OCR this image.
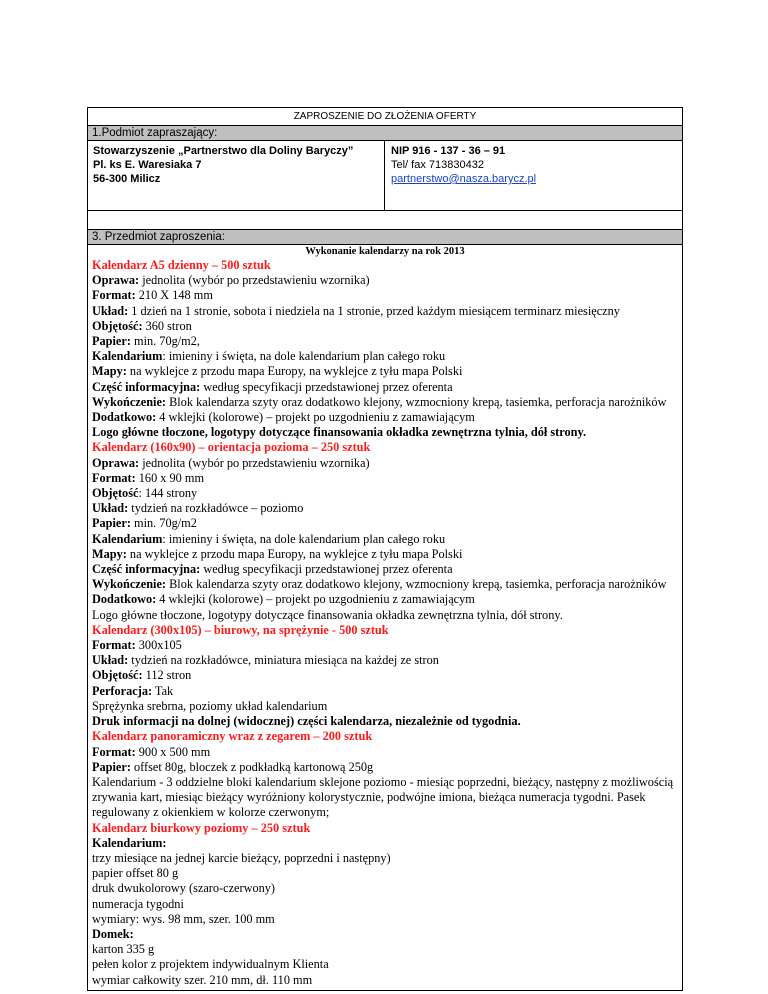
ZAPROSZENIE DO ZŁOŻENIA OFERTY
1.Podmiot zapraszający:
Stowarzyszenie „Partnerstwo dla Doliny Baryczy”
Pl. ks E. Waresiaka 7
56-300 Milicz
NIP 916 - 137 - 36 – 91
Tel/ fax 713830432
partnerstwo@nasza.barycz.pl
3. Przedmiot zaproszenia:
Wykonanie kalendarzy na rok 2013

Kalendarz A5 dzienny – 500 sztuk

Oprawa: jednolita (wybór po przedstawieniu wzornika)

Format: 210 X 148 mm

Układ: 1 dzień na 1 stronie, sobota i niedziela na 1 stronie, przed każdym miesiącem terminarz miesięczny

Objętość: 360 stron

Papier: min. 70g/m2,

Kalendarium: imieniny i święta, na dole kalendarium plan całego roku

Mapy: na wyklejce z przodu mapa Europy, na wyklejce z tyłu mapa Polski

Część informacyjna: według specyfikacji przedstawionej przez oferenta

Wykończenie: Blok kalendarza szyty oraz dodatkowo klejony, wzmocniony krepą, tasiemka, perforacja narożników

Dodatkowo: 4 wklejki (kolorowe) – projekt po uzgodnieniu z zamawiającym

Logo główne tłoczone, logotypy dotyczące finansowania okładka zewnętrzna tylnia, dół strony.

Kalendarz (160x90) – orientacja pozioma – 250 sztuk

Oprawa: jednolita (wybór po przedstawieniu wzornika)

Format: 160 x 90 mm

Objętość: 144 strony

Układ: tydzień na rozkładówce – poziomo

Papier: min. 70g/m2

Kalendarium: imieniny i święta, na dole kalendarium plan całego roku

Mapy: na wyklejce z przodu mapa Europy, na wyklejce z tyłu mapa Polski

Część informacyjna: według specyfikacji przedstawionej przez oferenta

Wykończenie: Blok kalendarza szyty oraz dodatkowo klejony, wzmocniony krepą, tasiemka, perforacja narożników

Dodatkowo: 4 wklejki (kolorowe) – projekt po uzgodnieniu z zamawiającym

Logo główne tłoczone, logotypy dotyczące finansowania okładka zewnętrzna tylnia, dół strony.

Kalendarz (300x105) – biurowy, na sprężynie - 500 sztuk

Format: 300x105

Układ: tydzień na rozkładówce, miniatura miesiąca na każdej ze stron

Objętość: 112 stron

Perforacja: Tak

Sprężynka srebrna, poziomy układ kalendarium

Druk informacji na dolnej (widocznej) części kalendarza, niezależnie od tygodnia.

Kalendarz panoramiczny wraz z zegarem – 200 sztuk

Format: 900 x 500 mm

Papier: offset 80g, bloczek z podkładką kartonową 250g

Kalendarium - 3 oddzielne bloki kalendarium sklejone poziomo - miesiąc poprzedni, bieżący, następny z możliwością zrywania kart, miesiąc bieżący wyróżniony kolorystycznie, podwójne imiona, bieżąca numeracja tygodni. Pasek regulowany z okienkiem w kolorze czerwonym;

Kalendarz biurkowy poziomy – 250 sztuk

Kalendarium:

trzy miesiące na jednej karcie bieżący, poprzedni i następny)

papier offset 80 g

druk dwukolorowy (szaro-czerwony)

numeracja tygodni

wymiary: wys. 98 mm, szer. 100 mm

Domek:

karton 335 g

pełen kolor z projektem indywidualnym Klienta

wymiar całkowity szer. 210 mm, dł. 110 mm
